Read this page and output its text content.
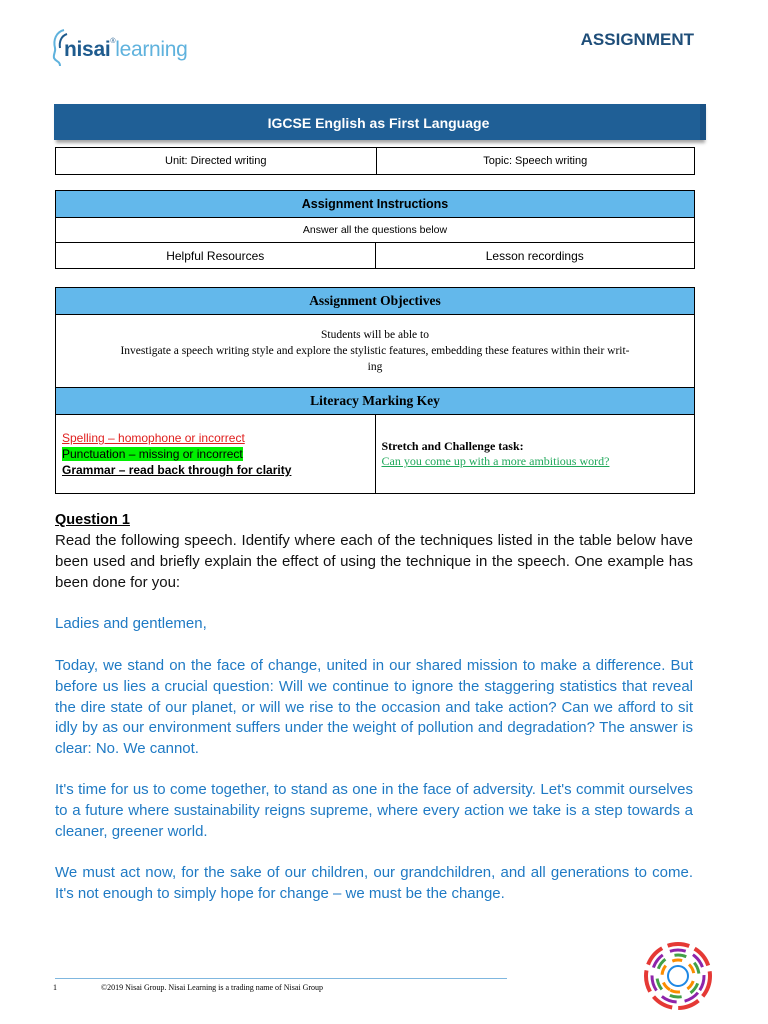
nisai®learning	ASSIGNMENT
IGCSE English as First Language
Unit: Directed writing	Topic: Speech writing
Assignment Instructions
Answer all the questions below
Helpful Resources	Lesson recordings
Assignment Objectives

Students will be able to
Investigate a speech writing style and explore the stylistic features, embedding these features within their writ-
ing

Literacy Marking Key

Spelling – homophone or incorrect
Punctuation – missing or incorrect
Grammar – read back through for clarity

Stretch and Challenge task:
Can you come up with a more ambitious word?
Question 1
Read the following speech. Identify where each of the techniques listed in the table below have been used and briefly explain the effect of using the technique in the speech. One example has been done for you:
Ladies and gentlemen,
Today, we stand on the face of change, united in our shared mission to make a difference. But before us lies a crucial question: Will we continue to ignore the staggering statistics that reveal the dire state of our planet, or will we rise to the occasion and take action? Can we afford to sit idly by as our environment suffers under the weight of pollution and degradation? The answer is clear: No. We cannot.
It's time for us to come together, to stand as one in the face of adversity. Let's commit ourselves to a future where sustainability reigns supreme, where every action we take is a step towards a cleaner, greener world.
We must act now, for the sake of our children, our grandchildren, and all generations to come. It's not enough to simply hope for change – we must be the change.
1	©2019 Nisai Group. Nisai Learning is a trading name of Nisai Group
